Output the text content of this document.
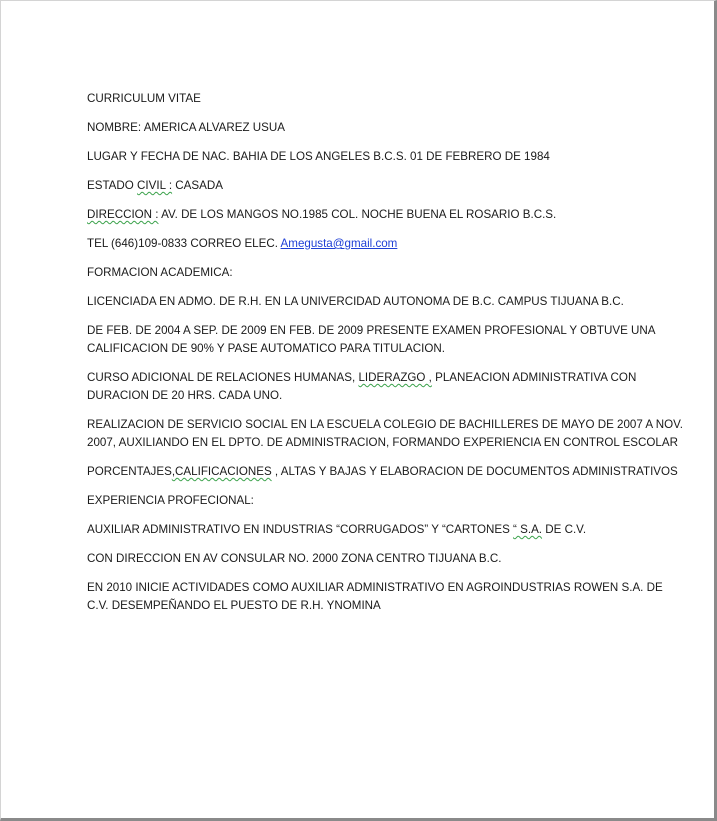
CURRICULUM VITAE

NOMBRE: AMERICA ALVAREZ USUA

LUGAR Y FECHA DE NAC. BAHIA DE LOS ANGELES B.C.S. 01 DE FEBRERO DE 1984

ESTADO CIVIL : CASADA

DIRECCION : AV. DE LOS MANGOS NO.1985 COL. NOCHE BUENA EL ROSARIO B.C.S.

TEL (646)109-0833 CORREO ELEC. Amegusta@gmail.com

FORMACION ACADEMICA:

LICENCIADA EN ADMO. DE R.H. EN LA UNIVERCIDAD AUTONOMA DE B.C. CAMPUS TIJUANA B.C.

DE FEB. DE 2004 A SEP. DE 2009 EN FEB. DE 2009 PRESENTE EXAMEN PROFESIONAL Y OBTUVE UNA
CALIFICACION DE 90% Y PASE AUTOMATICO PARA TITULACION.

CURSO ADICIONAL DE RELACIONES HUMANAS, LIDERAZGO , PLANEACION ADMINISTRATIVA CON
DURACION DE 20 HRS. CADA UNO.

REALIZACION DE SERVICIO SOCIAL EN LA ESCUELA COLEGIO DE BACHILLERES DE MAYO DE 2007 A NOV.
2007, AUXILIANDO EN EL DPTO. DE ADMINISTRACION, FORMANDO EXPERIENCIA EN CONTROL ESCOLAR

PORCENTAJES,CALIFICACIONES , ALTAS Y BAJAS Y ELABORACION DE DOCUMENTOS ADMINISTRATIVOS

EXPERIENCIA PROFECIONAL:

AUXILIAR ADMINISTRATIVO EN INDUSTRIAS “CORRUGADOS” Y “CARTONES “ S.A. DE C.V.

CON DIRECCION EN AV CONSULAR NO. 2000 ZONA CENTRO TIJUANA B.C.

EN 2010 INICIE ACTIVIDADES COMO AUXILIAR ADMINISTRATIVO EN AGROINDUSTRIAS ROWEN S.A. DE
C.V. DESEMPEÑANDO EL PUESTO DE R.H. YNOMINA
